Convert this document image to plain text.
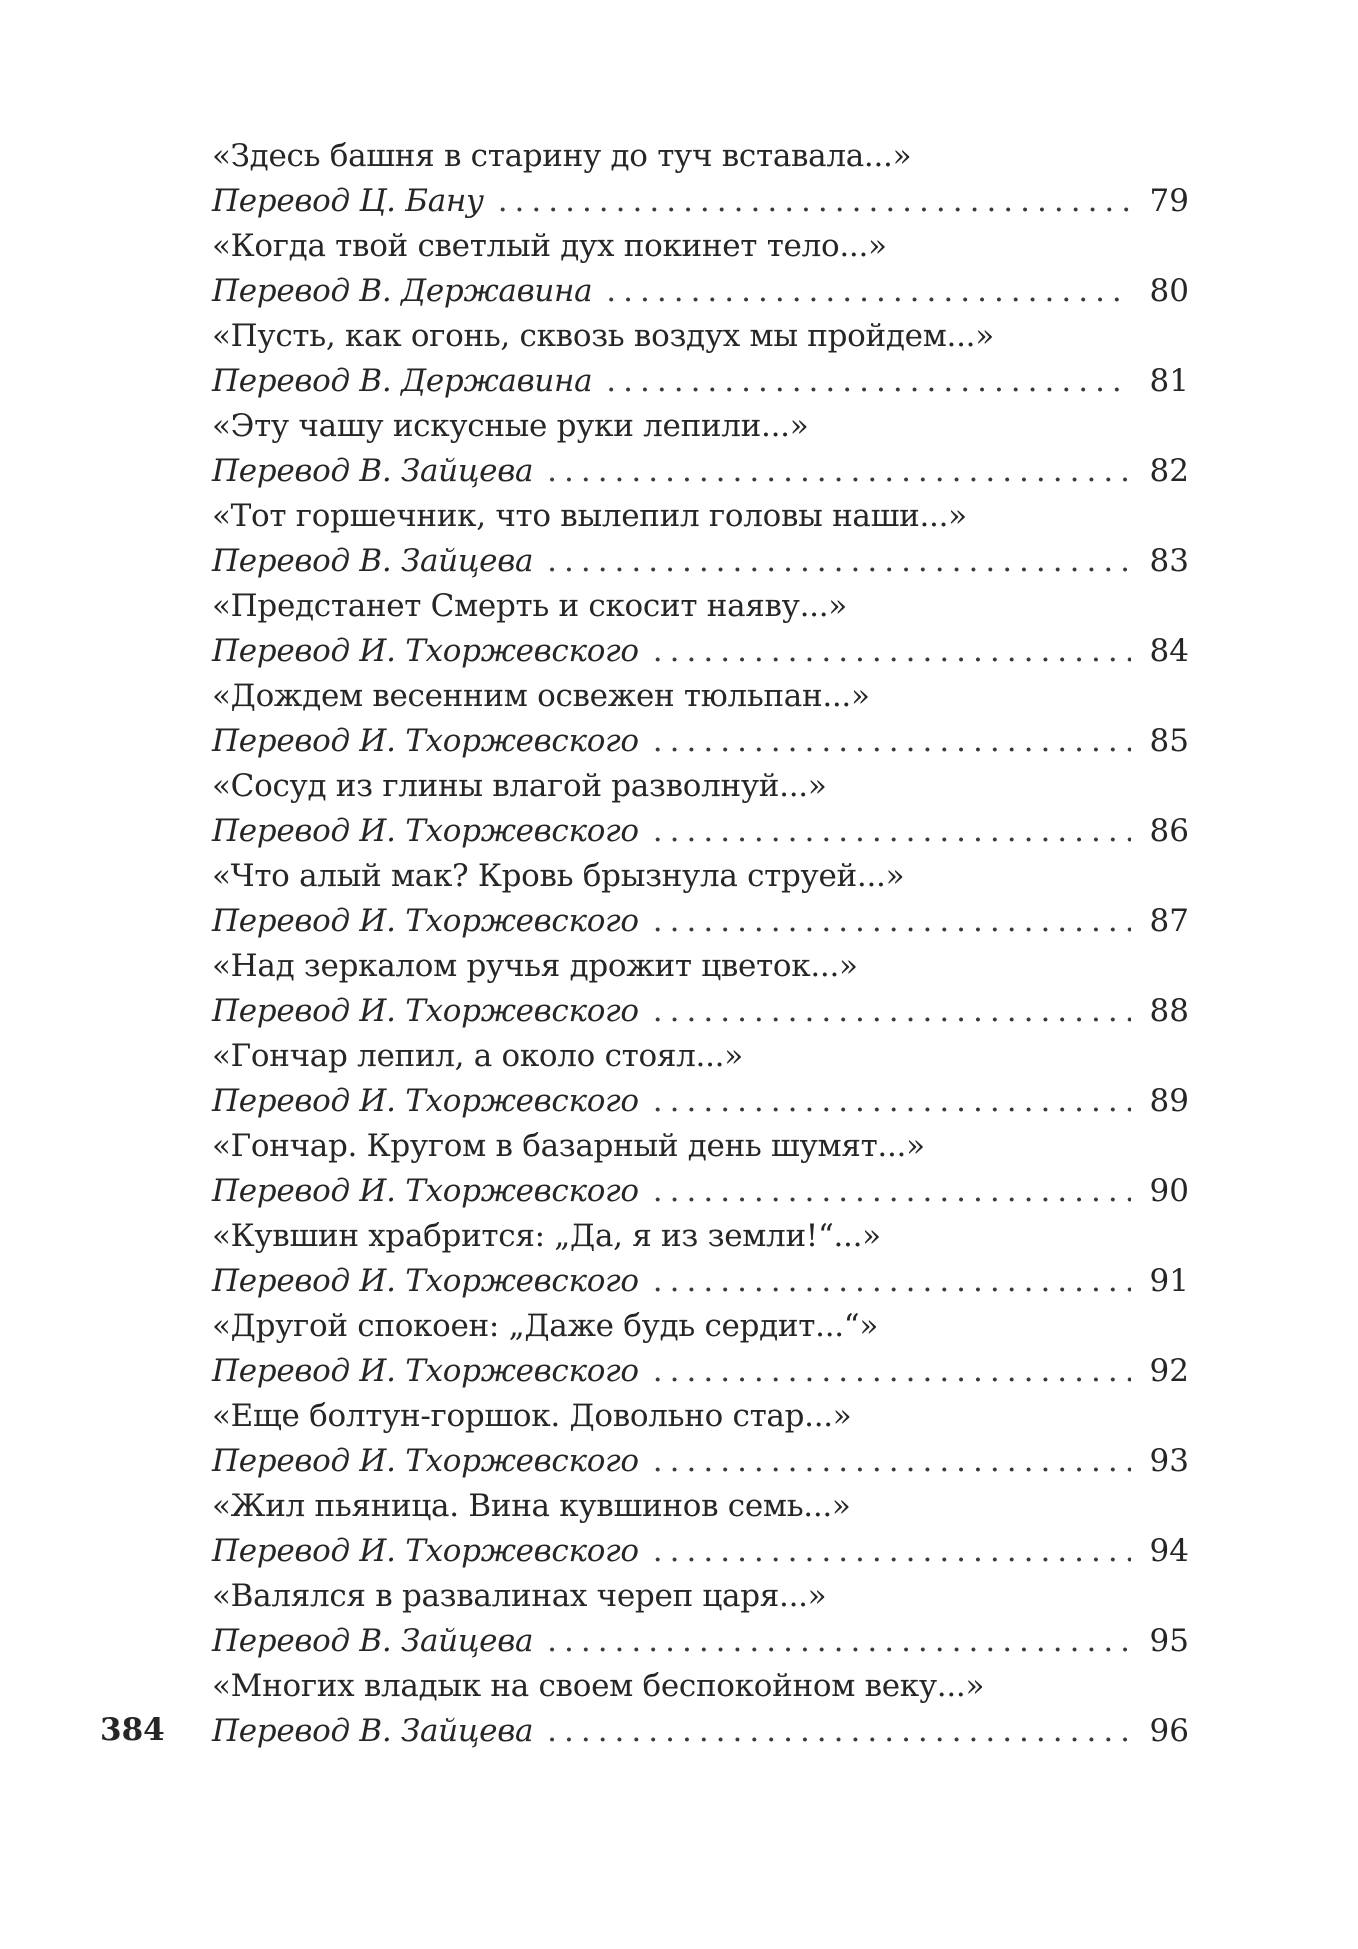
«Здесь башня в старину до туч вставала...»
Перевод Ц. Бану .....	79
«Когда твой светлый дух покинет тело...»
Перевод В. Державина .....	80
«Пусть, как огонь, сквозь воздух мы пройдем...»
Перевод В. Державина .....	81
«Эту чашу искусные руки лепили...»
Перевод В. Зайцева .....	82
«Тот горшечник, что вылепил головы наши...»
Перевод В. Зайцева .....	83
«Предстанет Смерть и скосит наяву...»
Перевод И. Тхоржевского .....	84
«Дождем весенним освежен тюльпан...»
Перевод И. Тхоржевского .....	85
«Сосуд из глины влагой разволнуй...»
Перевод И. Тхоржевского .....	86
«Что алый мак? Кровь брызнула струей...»
Перевод И. Тхоржевского .....	87
«Над зеркалом ручья дрожит цветок...»
Перевод И. Тхоржевского .....	88
«Гончар лепил, а около стоял...»
Перевод И. Тхоржевского .....	89
«Гончар. Кругом в базарный день шумят...»
Перевод И. Тхоржевского .....	90
«Кувшин храбрится: „Да, я из земли!“...»
Перевод И. Тхоржевского .....	91
«Другой спокоен: „Даже будь сердит...“»
Перевод И. Тхоржевского .....	92
«Еще болтун-горшок. Довольно стар...»
Перевод И. Тхоржевского .....	93
«Жил пьяница. Вина кувшинов семь...»
Перевод И. Тхоржевского .....	94
«Валялся в развалинах череп царя...»
Перевод В. Зайцева .....	95
«Многих владык на своем беспокойном веку...»
Перевод В. Зайцева .....	96
384
